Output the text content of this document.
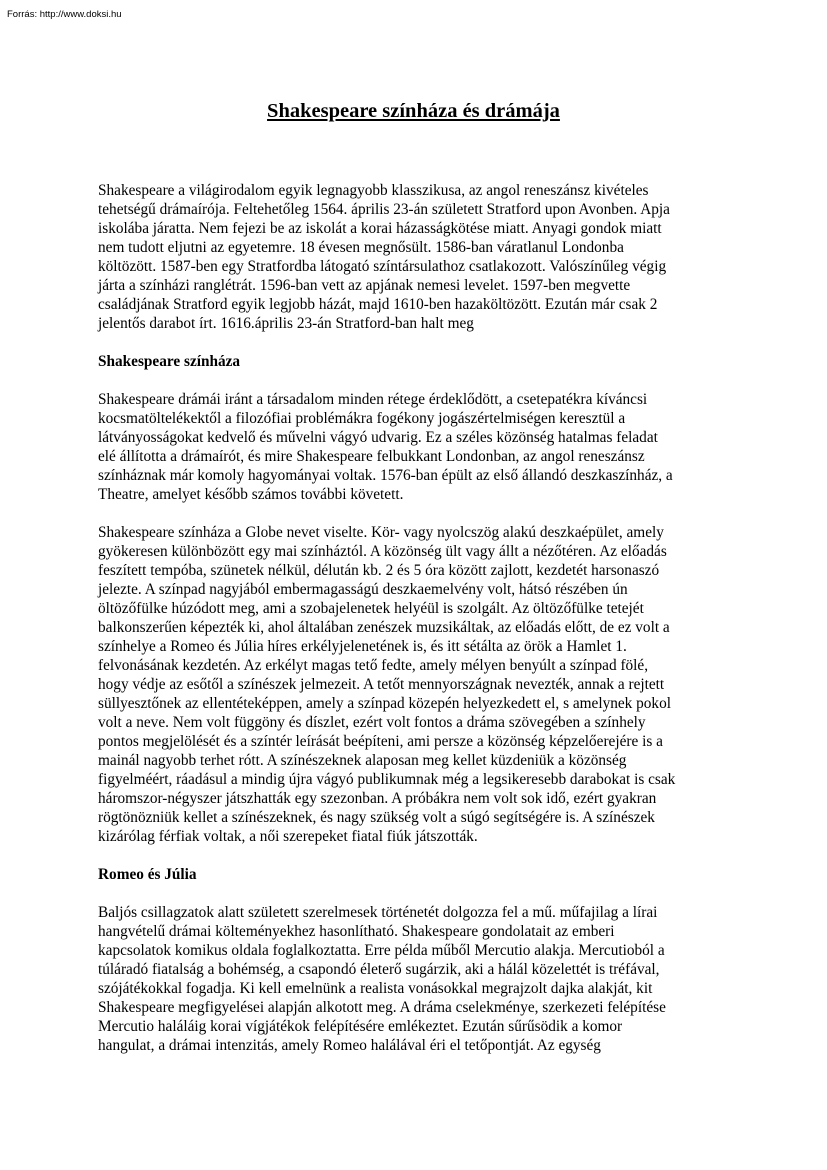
Forrás: http://www.doksi.hu

Shakespeare színháza és drámája
Shakespeare a világirodalom egyik legnagyobb klasszikusa, az angol reneszánsz kivételes
tehetségű drámaírója. Feltehetőleg 1564. április 23-án született Stratford upon Avonben. Apja
iskolába járatta. Nem fejezi be az iskolát a korai házasságkötése miatt. Anyagi gondok miatt
nem tudott eljutni az egyetemre. 18 évesen megnősült. 1586-ban váratlanul Londonba
költözött. 1587-ben egy Stratfordba látogató színtársulathoz csatlakozott. Valószínűleg végig
járta a színházi ranglétrát. 1596-ban vett az apjának nemesi levelet. 1597-ben megvette
családjának Stratford egyik legjobb házát, majd 1610-ben hazaköltözött. Ezután már csak 2
jelentős darabot írt. 1616.április 23-án Stratford-ban halt meg
Shakespeare színháza
Shakespeare drámái iránt a társadalom minden rétege érdeklődött, a csetepatékra kíváncsi
kocsmatöltelékektől a filozófiai problémákra fogékony jogászértelmiségen keresztül a
látványosságokat kedvelő és művelni vágyó udvarig. Ez a széles közönség hatalmas feladat
elé állította a drámaírót, és mire Shakespeare felbukkant Londonban, az angol reneszánsz
színháznak már komoly hagyományai voltak. 1576-ban épült az első állandó deszkaszínház, a
Theatre, amelyet később számos további követett.
Shakespeare színháza a Globe nevet viselte. Kör- vagy nyolcszög alakú deszkaépület, amely
gyökeresen különbözött egy mai színháztól. A közönség ült vagy állt a nézőtéren. Az előadás
feszített tempóba, szünetek nélkül, délután kb. 2 és 5 óra között zajlott, kezdetét harsonaszó
jelezte. A színpad nagyjából embermagasságú deszkaemelvény volt, hátsó részében ún
öltözőfülke húzódott meg, ami a szobajelenetek helyéül is szolgált. Az öltözőfülke tetejét
balkonszerűen képezték ki, ahol általában zenészek muzsikáltak, az előadás előtt, de ez volt a
színhelye a Romeo és Júlia híres erkélyjelenetének is, és itt sétálta az örök a Hamlet 1.
felvonásának kezdetén. Az erkélyt magas tető fedte, amely mélyen benyúlt a színpad fölé,
hogy védje az esőtől a színészek jelmezeit. A tetőt mennyországnak nevezték, annak a rejtett
süllyesztőnek az ellentéteképpen, amely a színpad közepén helyezkedett el, s amelynek pokol
volt a neve. Nem volt függöny és díszlet, ezért volt fontos a dráma szövegében a színhely
pontos megjelölését és a színtér leírását beépíteni, ami persze a közönség képzelőerejére is a
mainál nagyobb terhet rótt. A színészeknek alaposan meg kellet küzdeniük a közönség
figyelméért, ráadásul a mindig újra vágyó publikumnak még a legsikeresebb darabokat is csak
háromszor-négyszer játszhatták egy szezonban. A próbákra nem volt sok idő, ezért gyakran
rögtönözniük kellet a színészeknek, és nagy szükség volt a súgó segítségére is. A színészek
kizárólag férfiak voltak, a női szerepeket fiatal fiúk játszották.
Romeo és Júlia
Baljós csillagzatok alatt született szerelmesek történetét dolgozza fel a mű. műfajilag a lírai
hangvételű drámai költeményekhez hasonlítható. Shakespeare gondolatait az emberi
kapcsolatok komikus oldala foglalkoztatta. Erre példa műből Mercutio alakja. Mercutioból a
túláradó fiatalság a bohémség, a csapondó életerő sugárzik, aki a hálál közelettét is tréfával,
szójátékokkal fogadja. Ki kell emelnünk a realista vonásokkal megrajzolt dajka alakját, kit
Shakespeare megfigyelései alapján alkotott meg. A dráma cselekménye, szerkezeti felépítése
Mercutio haláláig korai vígjátékok felépítésére emlékeztet. Ezután sűrűsödik a komor
hangulat, a drámai intenzitás, amely Romeo halálával éri el tetőpontját. Az egység
